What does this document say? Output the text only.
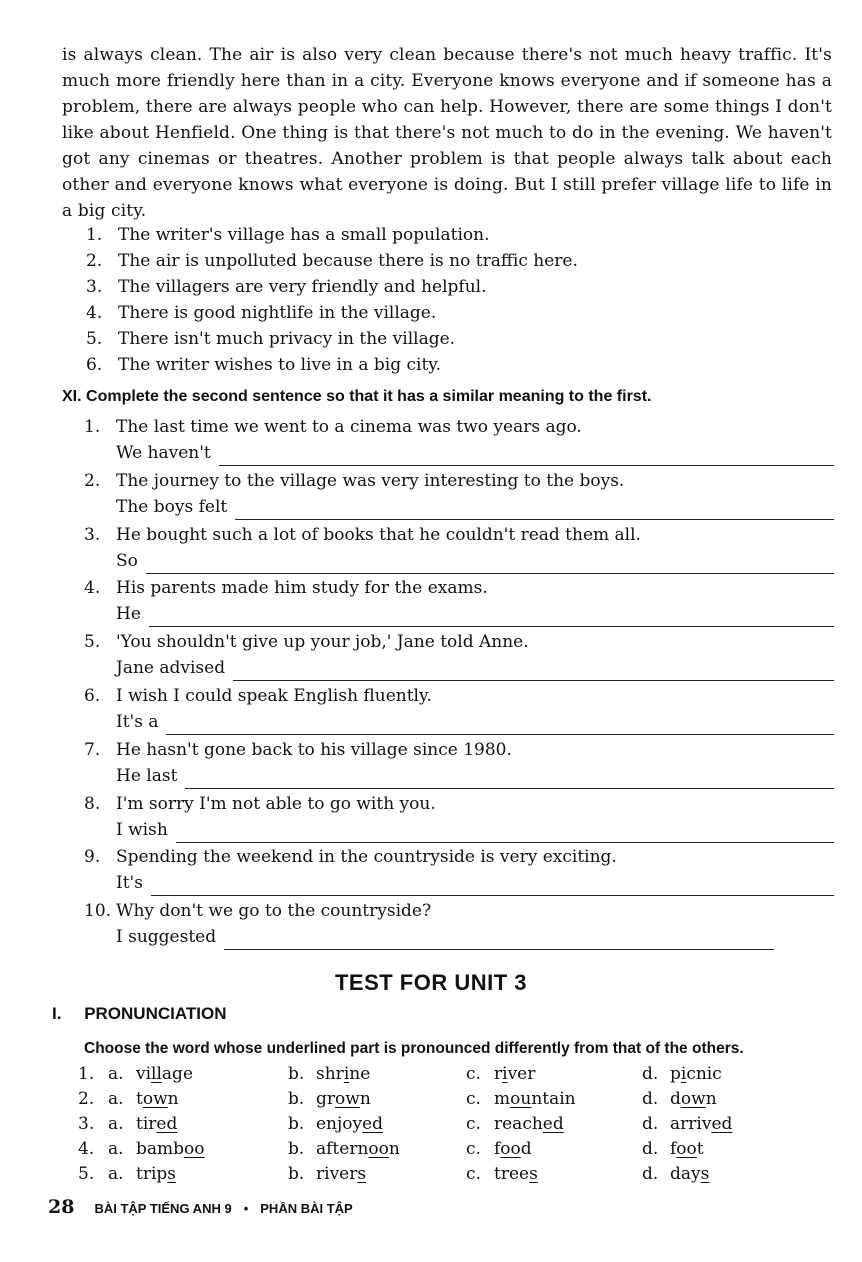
is always clean. The air is also very clean because there's not much heavy traffic. It's much more friendly here than in a city. Everyone knows everyone and if someone has a problem, there are always people who can help. However, there are some things I don't like about Henfield. One thing is that there's not much to do in the evening. We haven't got any cinemas or theatres. Another problem is that people always talk about each other and everyone knows what everyone is doing. But I still prefer village life to life in a big city.
1. The writer's village has a small population.
2. The air is unpolluted because there is no traffic here.
3. The villagers are very friendly and helpful.
4. There is good nightlife in the village.
5. There isn't much privacy in the village.
6. The writer wishes to live in a big city.
XI. Complete the second sentence so that it has a similar meaning to the first.
1. The last time we went to a cinema was two years ago.
We haven't
2. The journey to the village was very interesting to the boys.
The boys felt
3. He bought such a lot of books that he couldn't read them all.
So
4. His parents made him study for the exams.
He
5. 'You shouldn't give up your job,' Jane told Anne.
Jane advised
6. I wish I could speak English fluently.
It's a
7. He hasn't gone back to his village since 1980.
He last
8. I'm sorry I'm not able to go with you.
I wish
9. Spending the weekend in the countryside is very exciting.
It's
10. Why don't we go to the countryside?
I suggested
TEST FOR UNIT 3
I. PRONUNCIATION
Choose the word whose underlined part is pronounced differently from that of the others.
1. a. village	b. shrine	c. river	d. picnic
2. a. town	b. grown	c. mountain	d. down
3. a. tired	b. enjoyed	c. reached	d. arrived
4. a. bamboo	b. afternoon	c. food	d. foot
5. a. trips	b. rivers	c. trees	d. days
28 BÀI TẬP TIẾNG ANH 9 • PHẦN BÀI TẬP
